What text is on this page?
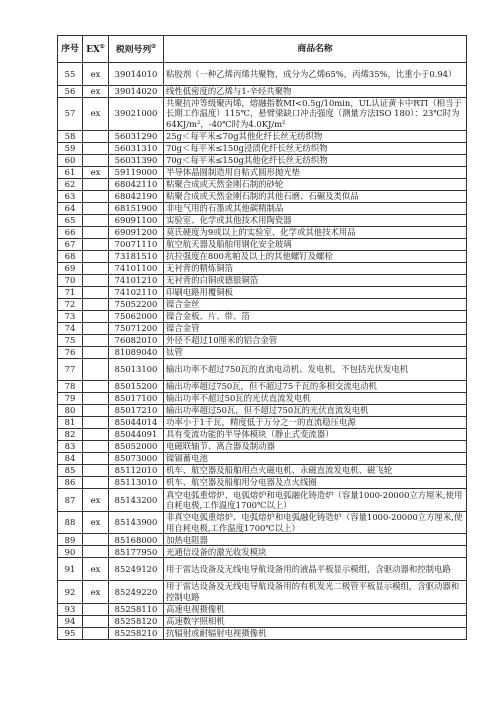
序号	EX①	税则号列②	商品名称
55	ex	39014010	粘胶剂（一种乙烯丙烯共聚物，成分为乙烯65%，丙烯35%，比重小于0.94）
56	ex	39014020	线性低密度的乙烯与1-辛烃共聚物
57	ex	39021000	共聚抗冲等级聚丙烯，熔融指数MI<0.5g/10min，UL认证黄卡中RTI（相当于长期工作温度）115℃，悬臂梁缺口冲击强度（测量方法ISO 180）：23℃时为64KJ/m²，-40℃时为4.0KJ/m²
58		56031290	25g＜每平米≤70g其他化纤长丝无纺织物
59		56031310	70g＜每平米≤150g浸渍化纤长丝无纺织物
60		56031390	70g＜每平米≤150g其他化纤长丝无纺织物
61	ex	59119000	半导体晶圆制造用自粘式圆形抛光垫
62		68042110	粘聚合成或天然金刚石制的砂轮
63		68042190	粘聚合成或天然金刚石制的其他石磨、石碾及类似品
64		68151900	非电气用的石墨或其他碳精制品
65		69091100	实验室、化学或其他技术用陶瓷器
66		69091200	莫氏硬度为9或以上的实验室、化学或其他技术用品
67		70071110	航空航天器及船舶用钢化安全玻璃
68		73181510	抗拉强度在800兆帕及以上的其他螺钉及螺栓
69		74101100	无衬背的精炼铜箔
70		74101210	无衬背的白铜或德银铜箔
71		74102110	印刷电路用覆铜板
72		75052200	镍合金丝
73		75062000	镍合金板、片、带、箔
74		75071200	镍合金管
75		76082010	外径不超过10厘米的铝合金管
76		81089040	钛管
77		85013100	输出功率不超过750瓦的直流电动机、发电机，不包括光伏发电机
78		85015200	输出功率超过750瓦，但不超过75千瓦的多相交流电动机
79		85017100	输出功率不超过50瓦的光伏直流发电机
80		85017210	输出功率超过50瓦，但不超过750瓦的光伏直流发电机
81		85044014	功率小于1千瓦，精度低于万分之一的直流稳压电源
82		85044091	具有变流功能的半导体模块（静止式变流器）
83		85052000	电磁联轴节、离合器及制动器
84		85073000	镍镉蓄电池
85		85112010	机车、航空器及船舶用点火磁电机、永磁直流发电机、磁飞轮
86		85113010	机车、航空器及船舶用分电器及点火线圈
87	ex	85143200	真空电弧重熔炉、电弧熔炉和电弧融化铸造炉（容量1000-20000立方厘米,使用自耗电极,工作温度1700℃以上）
88	ex	85143900	非真空电弧重熔炉、电弧熔炉和电弧融化铸造炉（容量1000-20000立方厘米,使用自耗电极,工作温度1700℃以上）
89		85168000	加热电阻器
90		85177950	光通信设备的激光收发模块
91	ex	85249120	用于雷达设备及无线电导航设备用的液晶平板显示模组，含驱动器和控制电路
92	ex	85249220	用于雷达设备及无线电导航设备用的有机发光二极管平板显示模组，含驱动器和控制电路
93		85258110	高速电视摄像机
94		85258120	高速数字照相机
95		85258210	抗辐射或耐辐射电视摄像机
